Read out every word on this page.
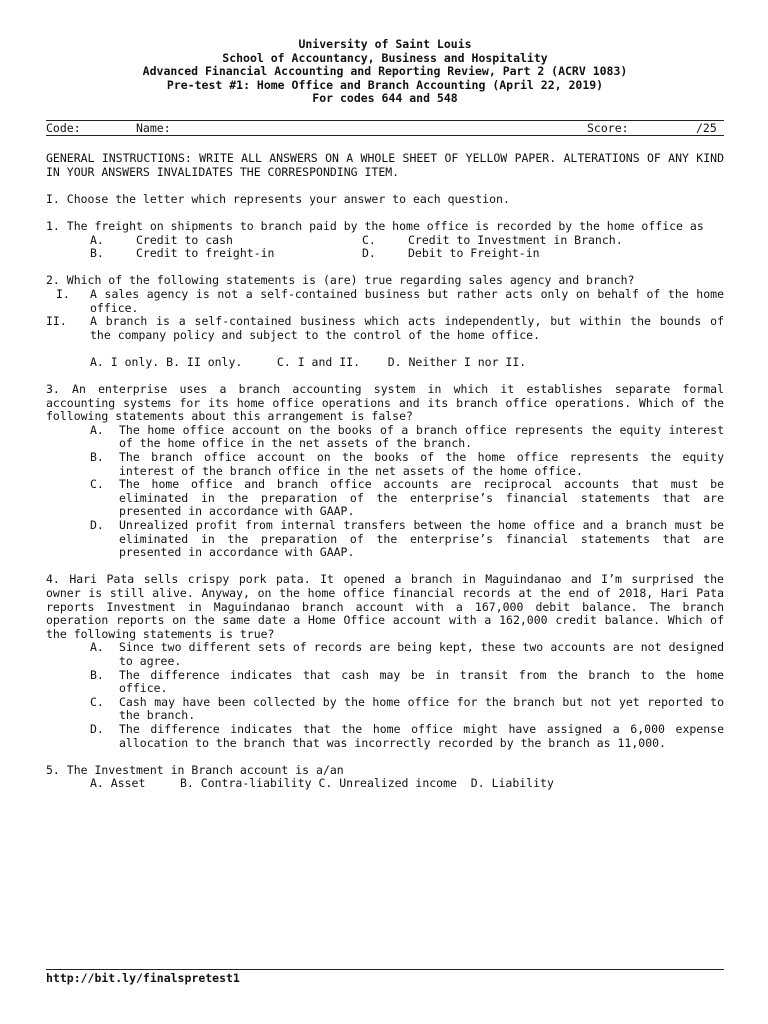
University of Saint Louis
School of Accountancy, Business and Hospitality
Advanced Financial Accounting and Reporting Review, Part 2 (ACRV 1083)
Pre-test #1: Home Office and Branch Accounting (April 22, 2019)
For codes 644 and 548
Code:	Name:	Score:	/25
GENERAL INSTRUCTIONS: WRITE ALL ANSWERS ON A WHOLE SHEET OF YELLOW PAPER. ALTERATIONS OF ANY KIND IN YOUR ANSWERS INVALIDATES THE CORRESPONDING ITEM.
I. Choose the letter which represents your answer to each question.
1. The freight on shipments to branch paid by the home office is recorded by the home office as
A.	Credit to cash	C.	Credit to Investment in Branch.
B.	Credit to freight-in	D.	Debit to Freight-in
2. Which of the following statements is (are) true regarding sales agency and branch?
I.	A sales agency is not a self-contained business but rather acts only on behalf of the home office.
II.	A branch is a self-contained business which acts independently, but within the bounds of the company policy and subject to the control of the home office.
A. I only. B. II only.     C. I and II.    D. Neither I nor II.
3. An enterprise uses a branch accounting system in which it establishes separate formal accounting systems for its home office operations and its branch office operations. Which of the following statements about this arrangement is false?
A.	The home office account on the books of a branch office represents the equity interest of the home office in the net assets of the branch.
B.	The branch office account on the books of the home office represents the equity interest of the branch office in the net assets of the home office.
C.	The home office and branch office accounts are reciprocal accounts that must be eliminated in the preparation of the enterprise’s financial statements that are presented in accordance with GAAP.
D.	Unrealized profit from internal transfers between the home office and a branch must be eliminated in the preparation of the enterprise’s financial statements that are presented in accordance with GAAP.
4. Hari Pata sells crispy pork pata. It opened a branch in Maguindanao and I’m surprised the owner is still alive. Anyway, on the home office financial records at the end of 2018, Hari Pata reports Investment in Maguindanao branch account with a 167,000 debit balance. The branch operation reports on the same date a Home Office account with a 162,000 credit balance. Which of the following statements is true?
A.	Since two different sets of records are being kept, these two accounts are not designed to agree.
B.	The difference indicates that cash may be in transit from the branch to the home office.
C.	Cash may have been collected by the home office for the branch but not yet reported to the branch.
D.	The difference indicates that the home office might have assigned a 6,000 expense allocation to the branch that was incorrectly recorded by the branch as 11,000.
5. The Investment in Branch account is a/an
A. Asset     B. Contra-liability C. Unrealized income  D. Liability
http://bit.ly/finalspretest1
